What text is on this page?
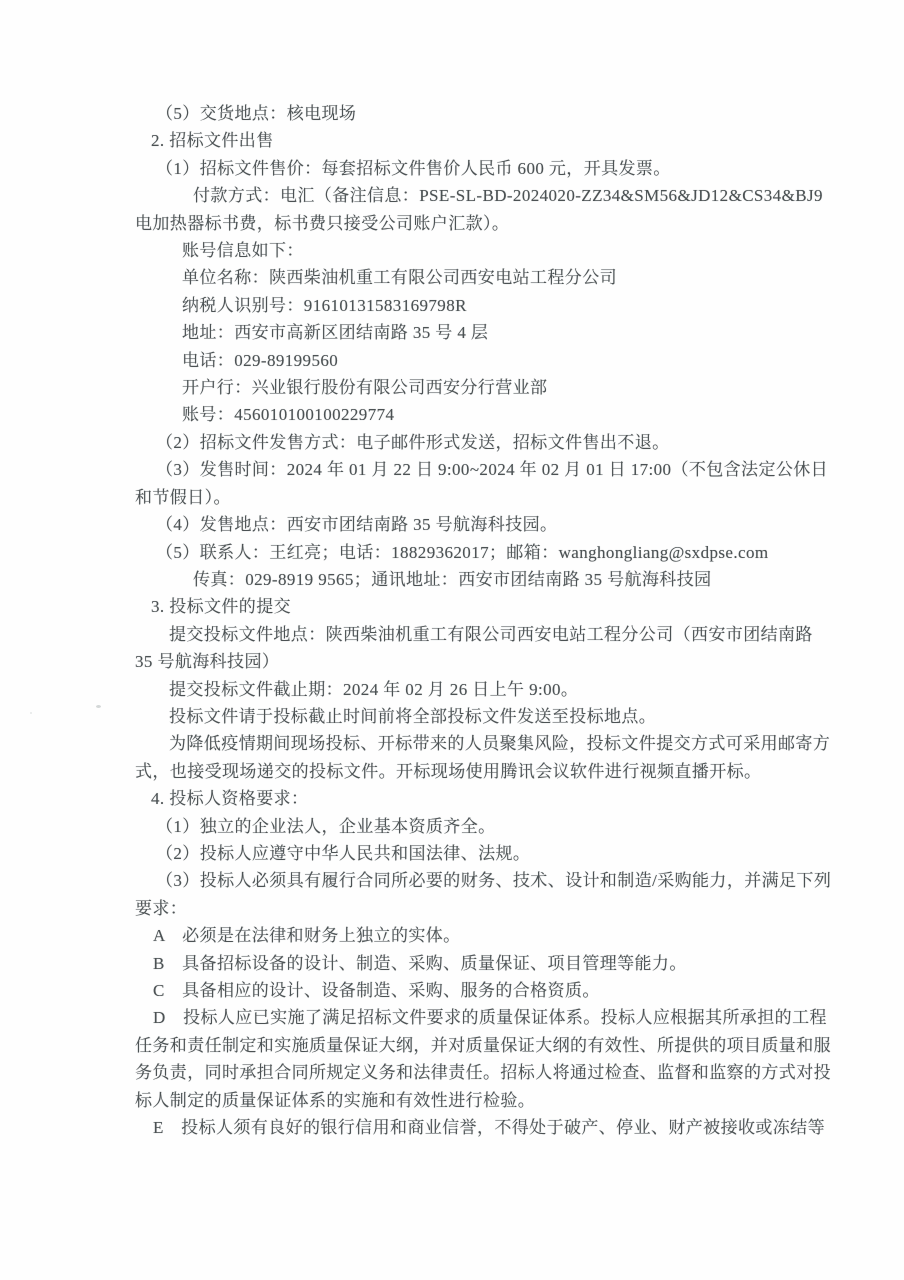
（5）交货地点：核电现场
2. 招标文件出售
（1）招标文件售价：每套招标文件售价人民币 600 元，开具发票。
付款方式：电汇（备注信息：PSE-SL-BD-2024020-ZZ34&SM56&JD12&CS34&BJ9
电加热器标书费，标书费只接受公司账户汇款）。
账号信息如下：
单位名称：陕西柴油机重工有限公司西安电站工程分公司
纳税人识别号：91610131583169798R
地址：西安市高新区团结南路 35 号 4 层
电话：029-89199560
开户行：兴业银行股份有限公司西安分行营业部
账号：456010100100229774
（2）招标文件发售方式：电子邮件形式发送，招标文件售出不退。
（3）发售时间：2024 年 01 月 22 日 9:00~2024 年 02 月 01 日 17:00（不包含法定公休日
和节假日）。
（4）发售地点：西安市团结南路 35 号航海科技园。
（5）联系人：王红亮；电话：18829362017；邮箱：wanghongliang@sxdpse.com
传真：029-8919 9565；通讯地址：西安市团结南路 35 号航海科技园
3. 投标文件的提交
提交投标文件地点：陕西柴油机重工有限公司西安电站工程分公司（西安市团结南路
35 号航海科技园）
提交投标文件截止期：2024 年 02 月 26 日上午 9:00。
投标文件请于投标截止时间前将全部投标文件发送至投标地点。
为降低疫情期间现场投标、开标带来的人员聚集风险，投标文件提交方式可采用邮寄方
式，也接受现场递交的投标文件。开标现场使用腾讯会议软件进行视频直播开标。
4. 投标人资格要求：
（1）独立的企业法人，企业基本资质齐全。
（2）投标人应遵守中华人民共和国法律、法规。
（3）投标人必须具有履行合同所必要的财务、技术、设计和制造/采购能力，并满足下列
要求：
A　必须是在法律和财务上独立的实体。
B　具备招标设备的设计、制造、采购、质量保证、项目管理等能力。
C　具备相应的设计、设备制造、采购、服务的合格资质。
D　投标人应已实施了满足招标文件要求的质量保证体系。投标人应根据其所承担的工程
任务和责任制定和实施质量保证大纲，并对质量保证大纲的有效性、所提供的项目质量和服
务负责，同时承担合同所规定义务和法律责任。招标人将通过检查、监督和监察的方式对投
标人制定的质量保证体系的实施和有效性进行检验。
E　投标人须有良好的银行信用和商业信誉，不得处于破产、停业、财产被接收或冻结等
